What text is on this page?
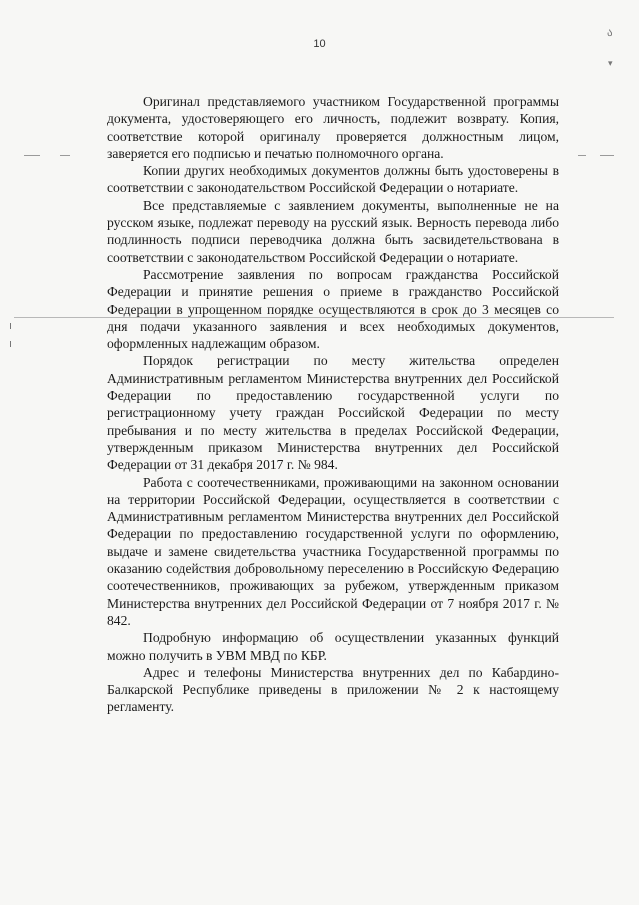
10
ა
▾

Оригинал представляемого участником Государственной программы документа, удостоверяющего его личность, подлежит возврату. Копия, соответствие которой оригиналу проверяется должностным лицом, заверяется его подписью и печатью полномочного органа.

Копии других необходимых документов должны быть удостоверены в соответствии с законодательством Российской Федерации о нотариате.

Все представляемые с заявлением документы, выполненные не на русском языке, подлежат переводу на русский язык. Верность перевода либо подлинность подписи переводчика должна быть засвидетельствована в соответствии с законодательством Российской Федерации о нотариате.

Рассмотрение заявления по вопросам гражданства Российской Федерации и принятие решения о приеме в гражданство Российской Федерации в упрощенном порядке осуществляются в срок до 3 месяцев со дня подачи указанного заявления и всех необходимых документов, оформленных надлежащим образом.

Порядок регистрации по месту жительства определен Административным регламентом Министерства внутренних дел Российской Федерации по предоставлению государственной услуги по регистрационному учету граждан Российской Федерации по месту пребывания и по месту жительства в пределах Российской Федерации, утвержденным приказом Министерства внутренних дел Российской Федерации от 31 декабря 2017 г. № 984.

Работа с соотечественниками, проживающими на законном основании на территории Российской Федерации, осуществляется в соответствии с Административным регламентом Министерства внутренних дел Российской Федерации по предоставлению государственной услуги по оформлению, выдаче и замене свидетельства участника Государственной программы по оказанию содействия добровольному переселению в Российскую Федерацию соотечественников, проживающих за рубежом, утвержденным приказом Министерства внутренних дел Российской Федерации от 7 ноября 2017 г. № 842.

Подробную информацию об осуществлении указанных функций можно получить в УВМ МВД по КБР.

Адрес и телефоны Министерства внутренних дел по Кабардино-Балкарской Республике приведены в приложении № 2 к настоящему регламенту.
